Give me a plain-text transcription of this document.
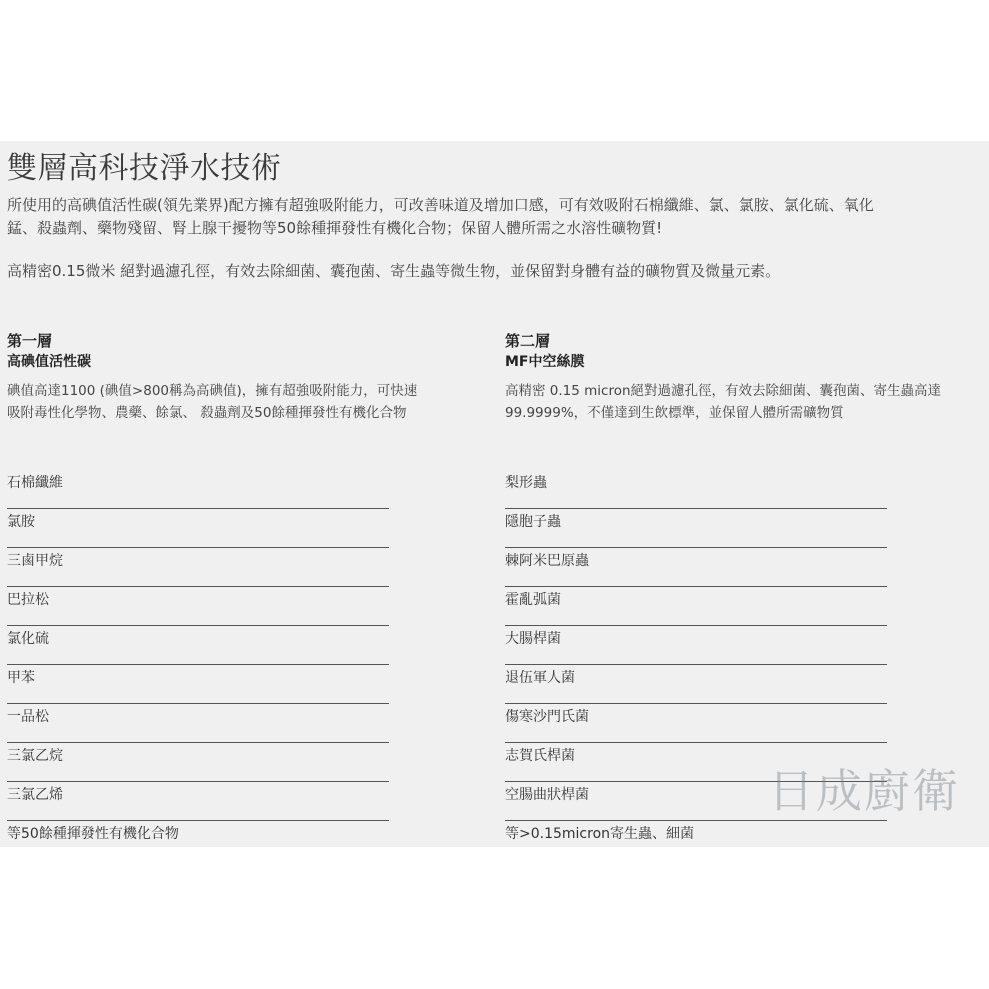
雙層高科技淨水技術
所使用的高碘值活性碳(領先業界)配方擁有超強吸附能力，可改善味道及增加口感，可有效吸附石棉纖維、氯、氯胺、氯化硫、氧化
錳、殺蟲劑、藥物殘留、腎上腺干擾物等50餘種揮發性有機化合物；保留人體所需之水溶性礦物質!
高精密0.15微米 絕對過濾孔徑，有效去除細菌、囊孢菌、寄生蟲等微生物，並保留對身體有益的礦物質及微量元素。
第一層
高碘值活性碳
碘值高達1100 (碘值>800稱為高碘值)，擁有超強吸附能力，可快速
吸附毒性化學物、農藥、餘氯、 殺蟲劑及50餘種揮發性有機化合物
第二層
MF中空絲膜
高精密 0.15 micron絕對過濾孔徑，有效去除細菌、囊孢菌、寄生蟲高達
99.9999%，不僅達到生飲標準，並保留人體所需礦物質
石棉纖維
氯胺
三鹵甲烷
巴拉松
氯化硫
甲苯
一品松
三氯乙烷
三氯乙烯
等50餘種揮發性有機化合物
梨形蟲
隱胞子蟲
棘阿米巴原蟲
霍亂弧菌
大腸桿菌
退伍軍人菌
傷寒沙門氏菌
志賀氏桿菌
空腸曲狀桿菌
等>0.15micron寄生蟲、細菌
日成廚衛
